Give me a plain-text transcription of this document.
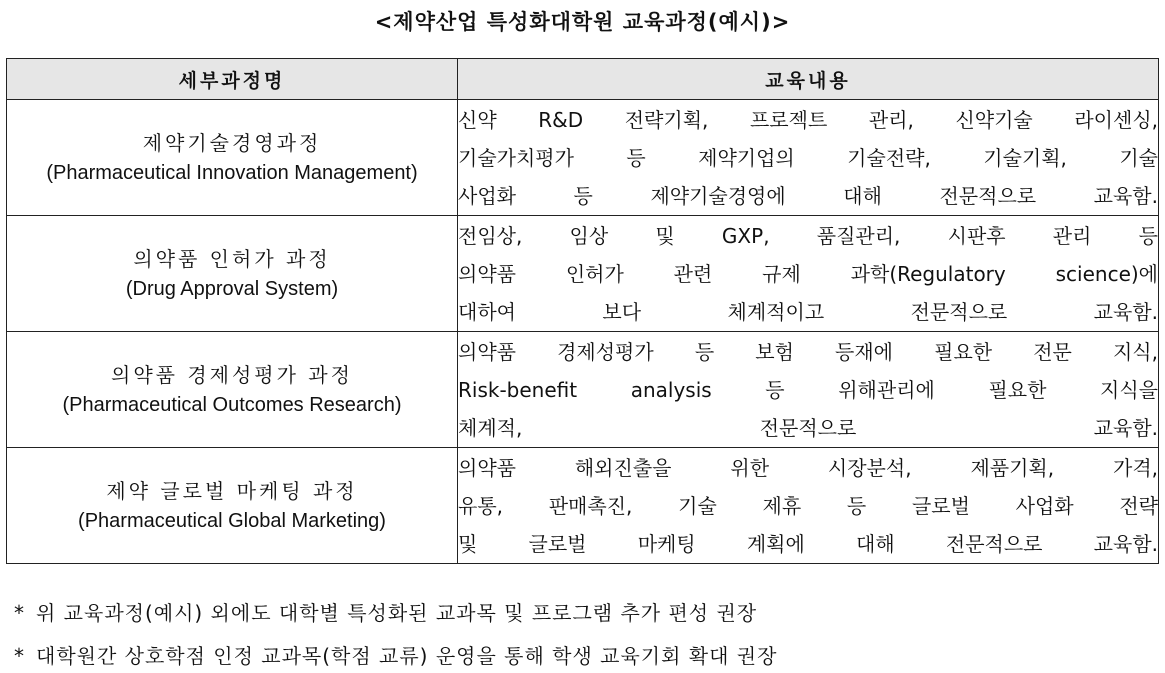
<제약산업 특성화대학원 교육과정(예시)>
세부과정명	교육내용

제약기술경영과정
(Pharmaceutical Innovation Management)	신약 R&D 전략기획, 프로젝트 관리, 신약기술 라이센싱,
기술가치평가 등 제약기업의 기술전략, 기술기획, 기술
사업화 등 제약기술경영에 대해 전문적으로 교육함.

의약품 인허가 과정
(Drug Approval System)	전임상, 임상 및 GXP, 품질관리, 시판후 관리 등
의약품 인허가 관련 규제 과학(Regulatory science)에
대하여 보다 체계적이고 전문적으로 교육함.

의약품 경제성평가 과정
(Pharmaceutical Outcomes Research)	의약품 경제성평가 등 보험 등재에 필요한 전문 지식,
Risk-benefit analysis 등 위해관리에 필요한 지식을
체계적, 전문적으로 교육함.

제약 글로벌 마케팅 과정
(Pharmaceutical Global Marketing)	의약품 해외진출을 위한 시장분석, 제품기획, 가격,
유통, 판매촉진, 기술 제휴 등 글로벌 사업화 전략
및 글로벌 마케팅 계획에 대해 전문적으로 교육함.
* 위 교육과정(예시) 외에도 대학별 특성화된 교과목 및 프로그램 추가 편성 권장
* 대학원간 상호학점 인정 교과목(학점 교류) 운영을 통해 학생 교육기회 확대 권장
